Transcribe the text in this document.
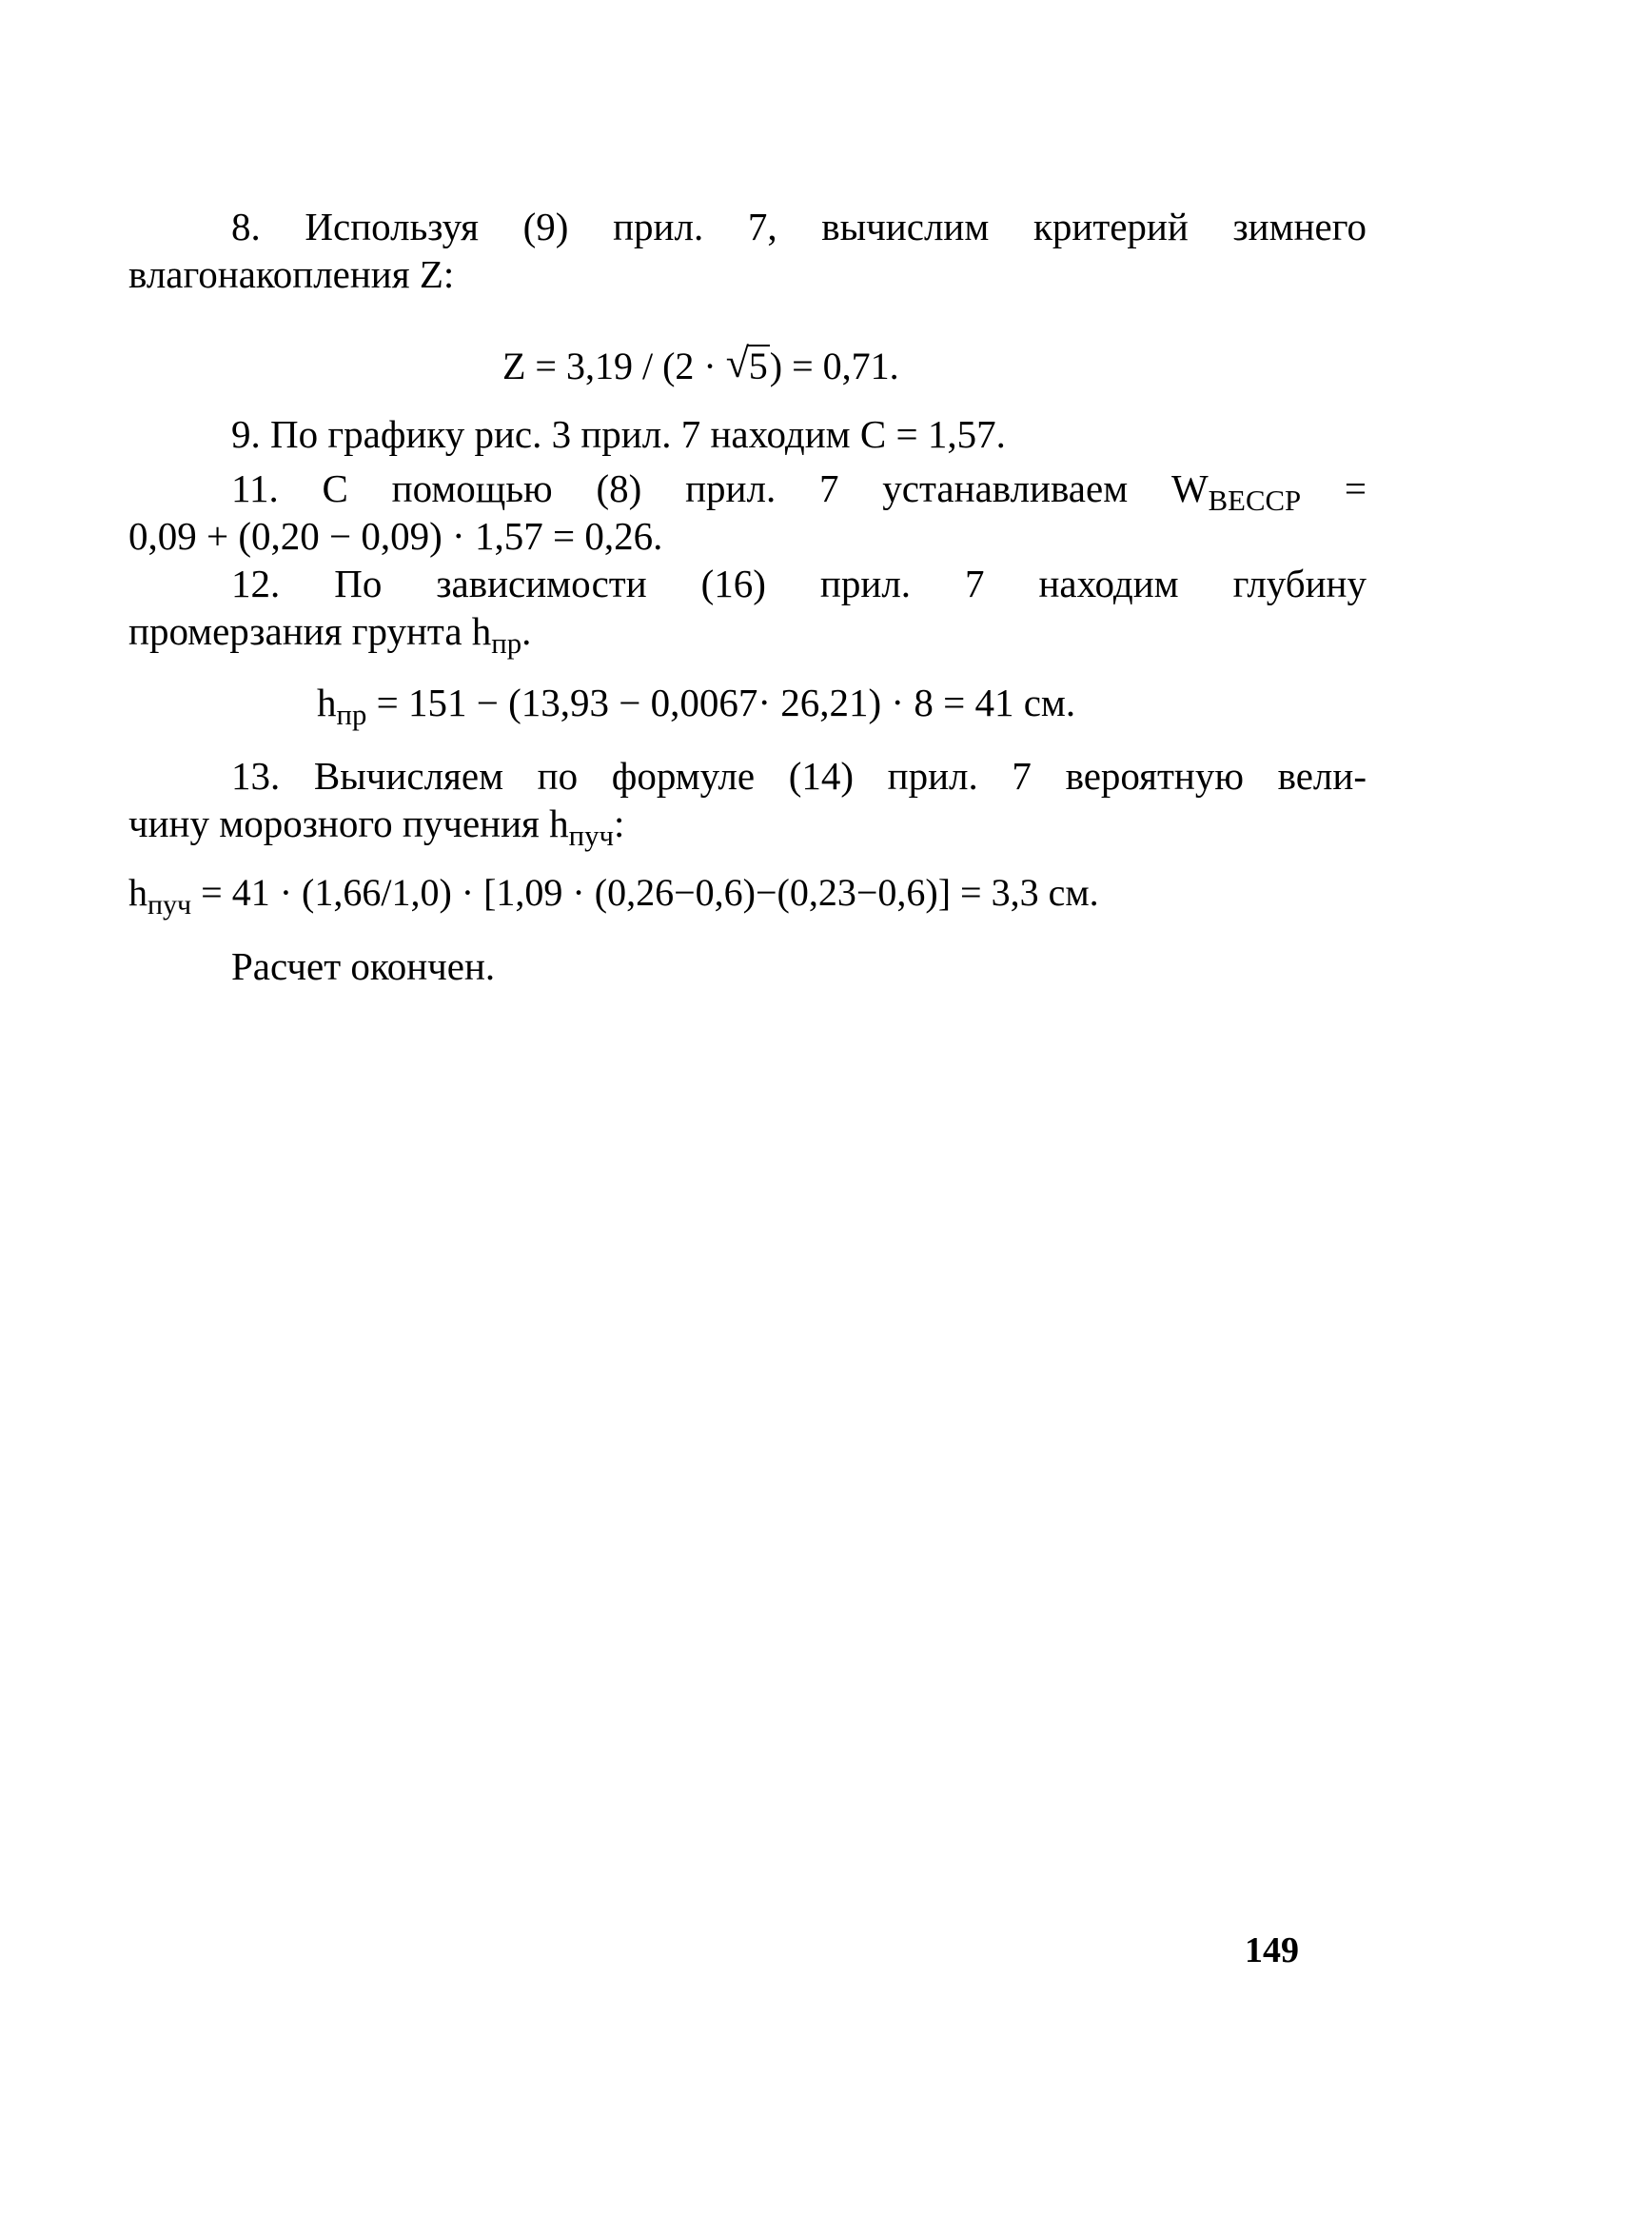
8. Используя (9) прил. 7, вычислим критерий зимнего
влагонакопления Z:
Z = 3,19 / (2 · √ 5) = 0,71.
9. По графику рис. 3 прил. 7 находим C = 1,57.
11. С помощью (8) прил. 7 устанавливаем $W_{ВЕССР}$ =
0,09 + (0,20 − 0,09) · 1,57 = 0,26.
12. По зависимости (16) прил. 7 находим глубину
промерзания грунта $h_{пр}$.
$h_{пр} = 151 - (13,93 - 0,0067\cdot 26,21) \cdot 8 = 41$ см.
13. Вычисляем по формуле (14) прил. 7 вероятную вели-
чину морозного пучения $h_{пуч}$:
$h_{пуч} = 41 \cdot (1,66/1,0) \cdot [1,09 \cdot (0,26-0,6)-(0,23-0,6)] = 3,3$ см.
Расчет окончен.
149
